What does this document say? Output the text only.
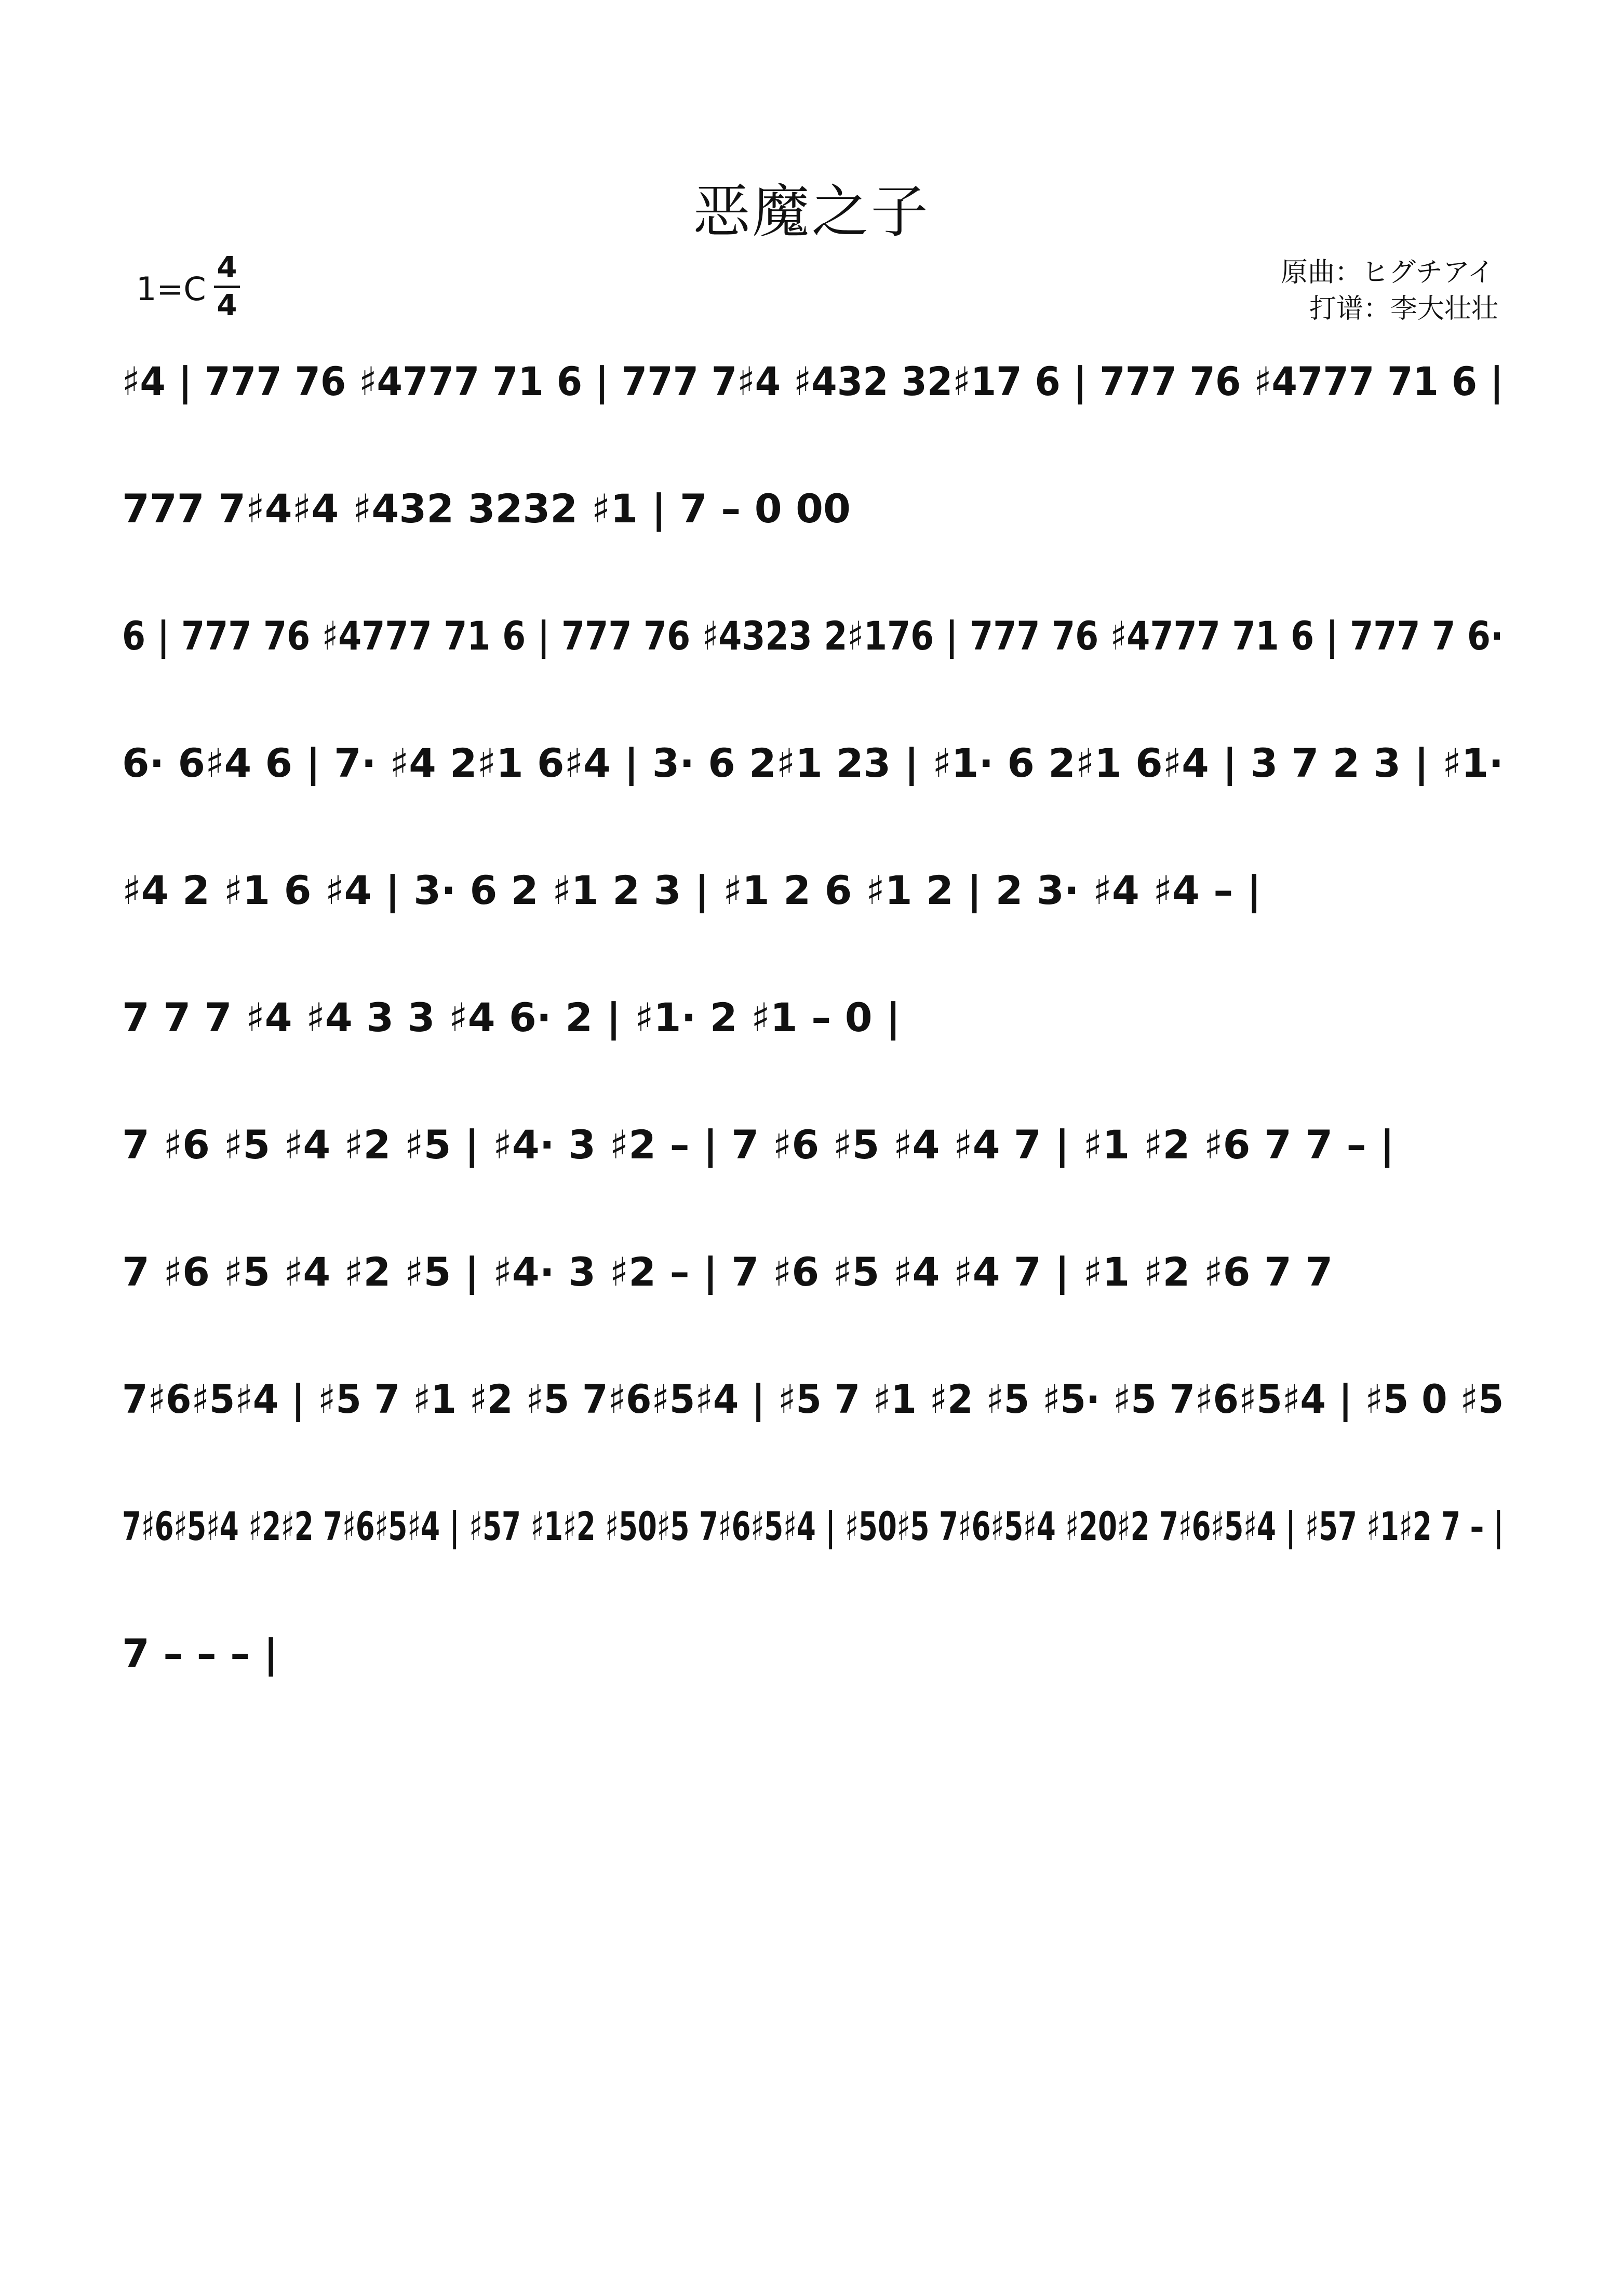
恶魔之子
$1=C \frac{4}{4}$	原曲：ヒグチアイ
打谱：李大壮壮
♯4 | 777 76 ♯4777 71 6 | 777 7♯4 ♯432 32♯17 6 | 777 76 ♯4777 71 6 |
777 7♯4♯4 ♯432 3232 ♯1 | 7 – 0 00
6 | 777 76 ♯4777 71 6 | 777 76 ♯4323 2♯176 | 777 76 ♯4777 71 6 | 777 7 6·
6· 6♯4 6 | 7· ♯4 2♯1 6♯4 | 3· 6 2♯1 23 | ♯1· 6 2♯1 6♯4 | 3 7 2 3 | ♯1·
♯4 2 ♯1 6 ♯4 | 3· 6 2 ♯1 2 3 | ♯1 2 6 ♯1 2 | 2 3· ♯4 ♯4 – |
7 7 7 ♯4 ♯4 3 3 ♯4 6· 2 | ♯1· 2 ♯1 – 0 |
7 ♯6 ♯5 ♯4 ♯2 ♯5 | ♯4· 3 ♯2 – | 7 ♯6 ♯5 ♯4 ♯4 7 | ♯1 ♯2 ♯6 7 7 – |
7 ♯6 ♯5 ♯4 ♯2 ♯5 | ♯4· 3 ♯2 – | 7 ♯6 ♯5 ♯4 ♯4 7 | ♯1 ♯2 ♯6 7 7
7♯6♯5♯4 | ♯5 7 ♯1 ♯2 ♯5 7♯6♯5♯4 | ♯5 7 ♯1 ♯2 ♯5 ♯5· ♯5 7♯6♯5♯4 | ♯5 0 ♯5
7♯6♯5♯4 ♯2♯2 7♯6♯5♯4 | ♯57 ♯1♯2 ♯50♯5 7♯6♯5♯4 | ♯50♯5 7♯6♯5♯4 ♯20♯2 7♯6♯5♯4 | ♯57 ♯1♯2 7 – |
7 – – – |
